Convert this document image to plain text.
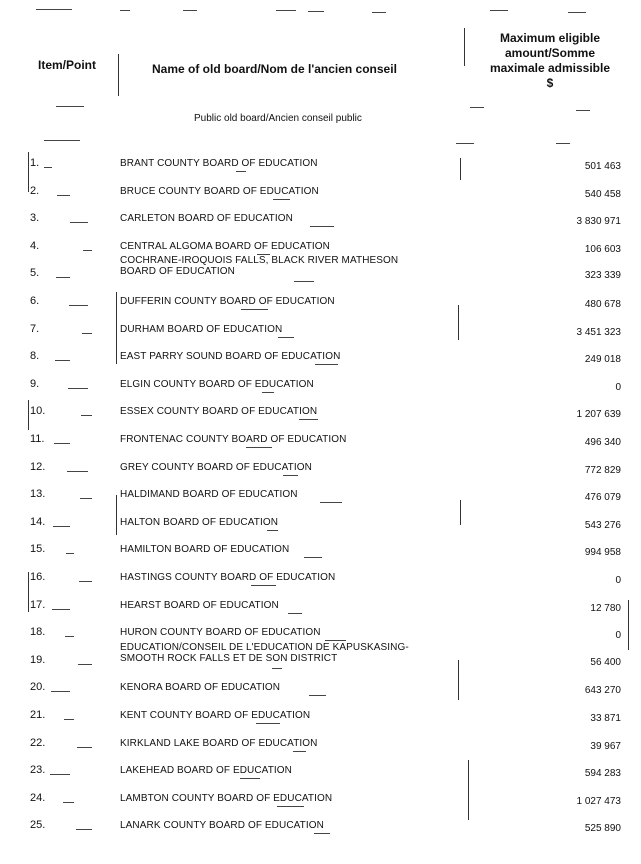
Item/Point	Name of old board/Nom de l'ancien conseil
Maximum eligible
amount/Somme
maximale admissible
$
Public old board/Ancien conseil public
1.	BRANT COUNTY BOARD OF EDUCATION	501 463
2.	BRUCE COUNTY BOARD OF EDUCATION	540 458
3.	CARLETON BOARD OF EDUCATION	3 830 971
4.	CENTRAL ALGOMA BOARD OF EDUCATION	106 603
5.
COCHRANE-IROQUOIS FALLS, BLACK RIVER MATHESON
BOARD OF EDUCATION	323 339
6.	DUFFERIN COUNTY BOARD OF EDUCATION	480 678
7.	DURHAM BOARD OF EDUCATION	3 451 323
8.	EAST PARRY SOUND BOARD OF EDUCATION	249 018
9.	ELGIN COUNTY BOARD OF EDUCATION	0
10.	ESSEX COUNTY BOARD OF EDUCATION	1 207 639
11.	FRONTENAC COUNTY BOARD OF EDUCATION	496 340
12.	GREY COUNTY BOARD OF EDUCATION	772 829
13.	HALDIMAND BOARD OF EDUCATION	476 079
14.	HALTON BOARD OF EDUCATION	543 276
15.	HAMILTON BOARD OF EDUCATION	994 958
16.	HASTINGS COUNTY BOARD OF EDUCATION	0
17.	HEARST BOARD OF EDUCATION	12 780
18.	HURON COUNTY BOARD OF EDUCATION	0
19.
EDUCATION/CONSEIL DE L'EDUCATION DE KAPUSKASING-
SMOOTH ROCK FALLS ET DE SON DISTRICT	56 400
20.	KENORA BOARD OF EDUCATION	643 270
21.	KENT COUNTY BOARD OF EDUCATION	33 871
22.	KIRKLAND LAKE BOARD OF EDUCATION	39 967
23.	LAKEHEAD BOARD OF EDUCATION	594 283
24.	LAMBTON COUNTY BOARD OF EDUCATION	1 027 473
25.	LANARK COUNTY BOARD OF EDUCATION	525 890
